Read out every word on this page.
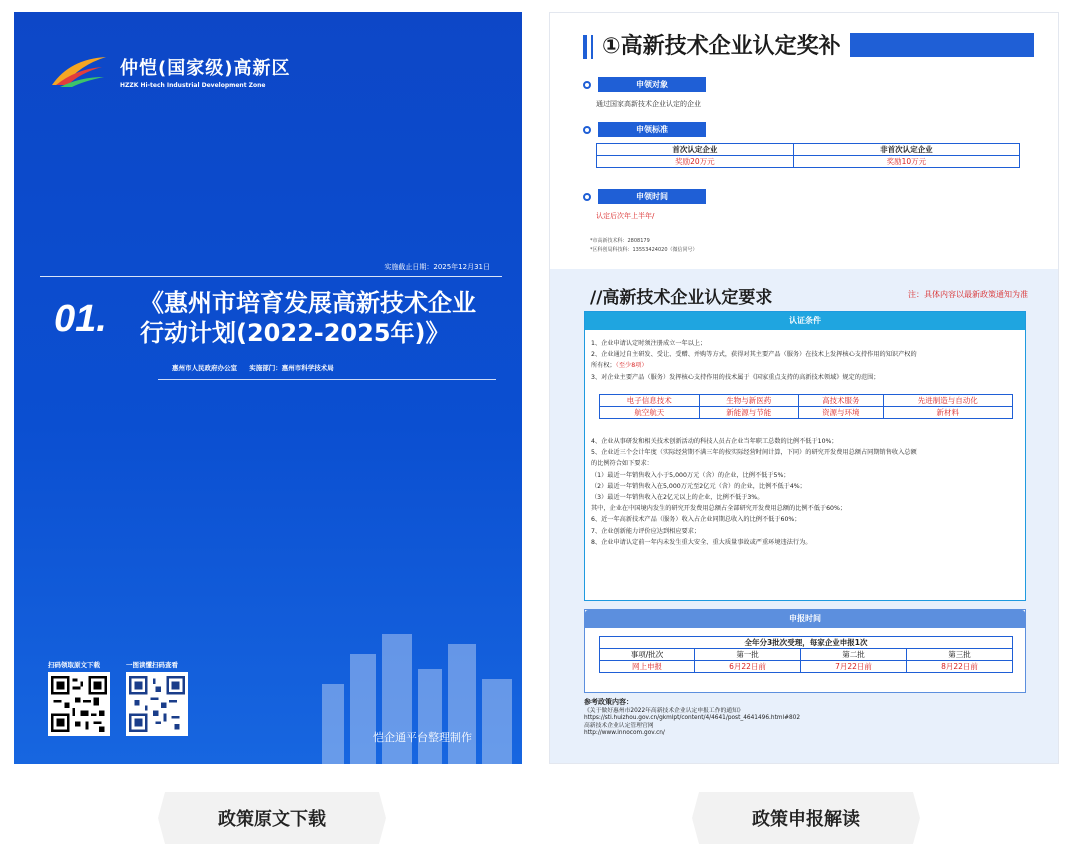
仲恺(国家级)高新区
HZZK Hi-tech Industrial Development Zone
实施截止日期：2025年12月31日
01. 《惠州市培育发展高新技术企业
行动计划(2022-2025年)》
惠州市人民政府办公室 实施部门：惠州市科学技术局
扫码领取原文下载	一图读懂扫码查看
恺企通平台整理制作
①高新技术企业认定奖补
申领对象
通过国家高新技术企业认定的企业
申领标准
首次认定企业	非首次认定企业
奖励20万元	奖励10万元
申领时间
认定后次年上半年/
*市高新技术科：2808179
*区科创局科技科：13553424020（微信同号）
//高新技术企业认定要求	注：具体内容以最新政策通知为准
认证条件
1、企业申请认定时须注册成立一年以上；
2、企业通过自主研发、受让、受赠、并购等方式，获得对其主要产品（服务）在技术上发挥核心支持作用的知识产权的
所有权；（至少8项）
3、对企业主要产品（服务）发挥核心支持作用的技术属于《国家重点支持的高新技术领域》规定的范围；
电子信息技术	生物与新医药	高技术服务	先进制造与自动化
航空航天	新能源与节能	资源与环境	新材料
4、企业从事研发和相关技术创新活动的科技人员占企业当年职工总数的比例不低于10%；
5、企业近三个会计年度（实际经营期不满三年的按实际经营时间计算，下同）的研究开发费用总额占同期销售收入总额
的比例符合如下要求：
（1）最近一年销售收入小于5,000万元（含）的企业，比例不低于5%；
（2）最近一年销售收入在5,000万元至2亿元（含）的企业，比例不低于4%；
（3）最近一年销售收入在2亿元以上的企业，比例不低于3%。
其中，企业在中国境内发生的研究开发费用总额占全部研究开发费用总额的比例不低于60%；
6、近一年高新技术产品（服务）收入占企业同期总收入的比例不低于60%；
7、企业创新能力评价应达到相应要求；
8、企业申请认定前一年内未发生重大安全、重大质量事故或严重环境违法行为。
申报时间
全年分3批次受理，每家企业申报1次			
事项/批次	第一批	第二批	第三批
网上申报	6月22日前	7月22日前	8月22日前
参考政策内容：
《关于做好惠州市2022年高新技术企业认定申报工作的通知》
https://sti.huizhou.gov.cn/gkmlpt/content/4/4641/post_4641496.html#802
高新技术企业认定管理官网
http://www.innocom.gov.cn/
政策原文下载	政策申报解读
